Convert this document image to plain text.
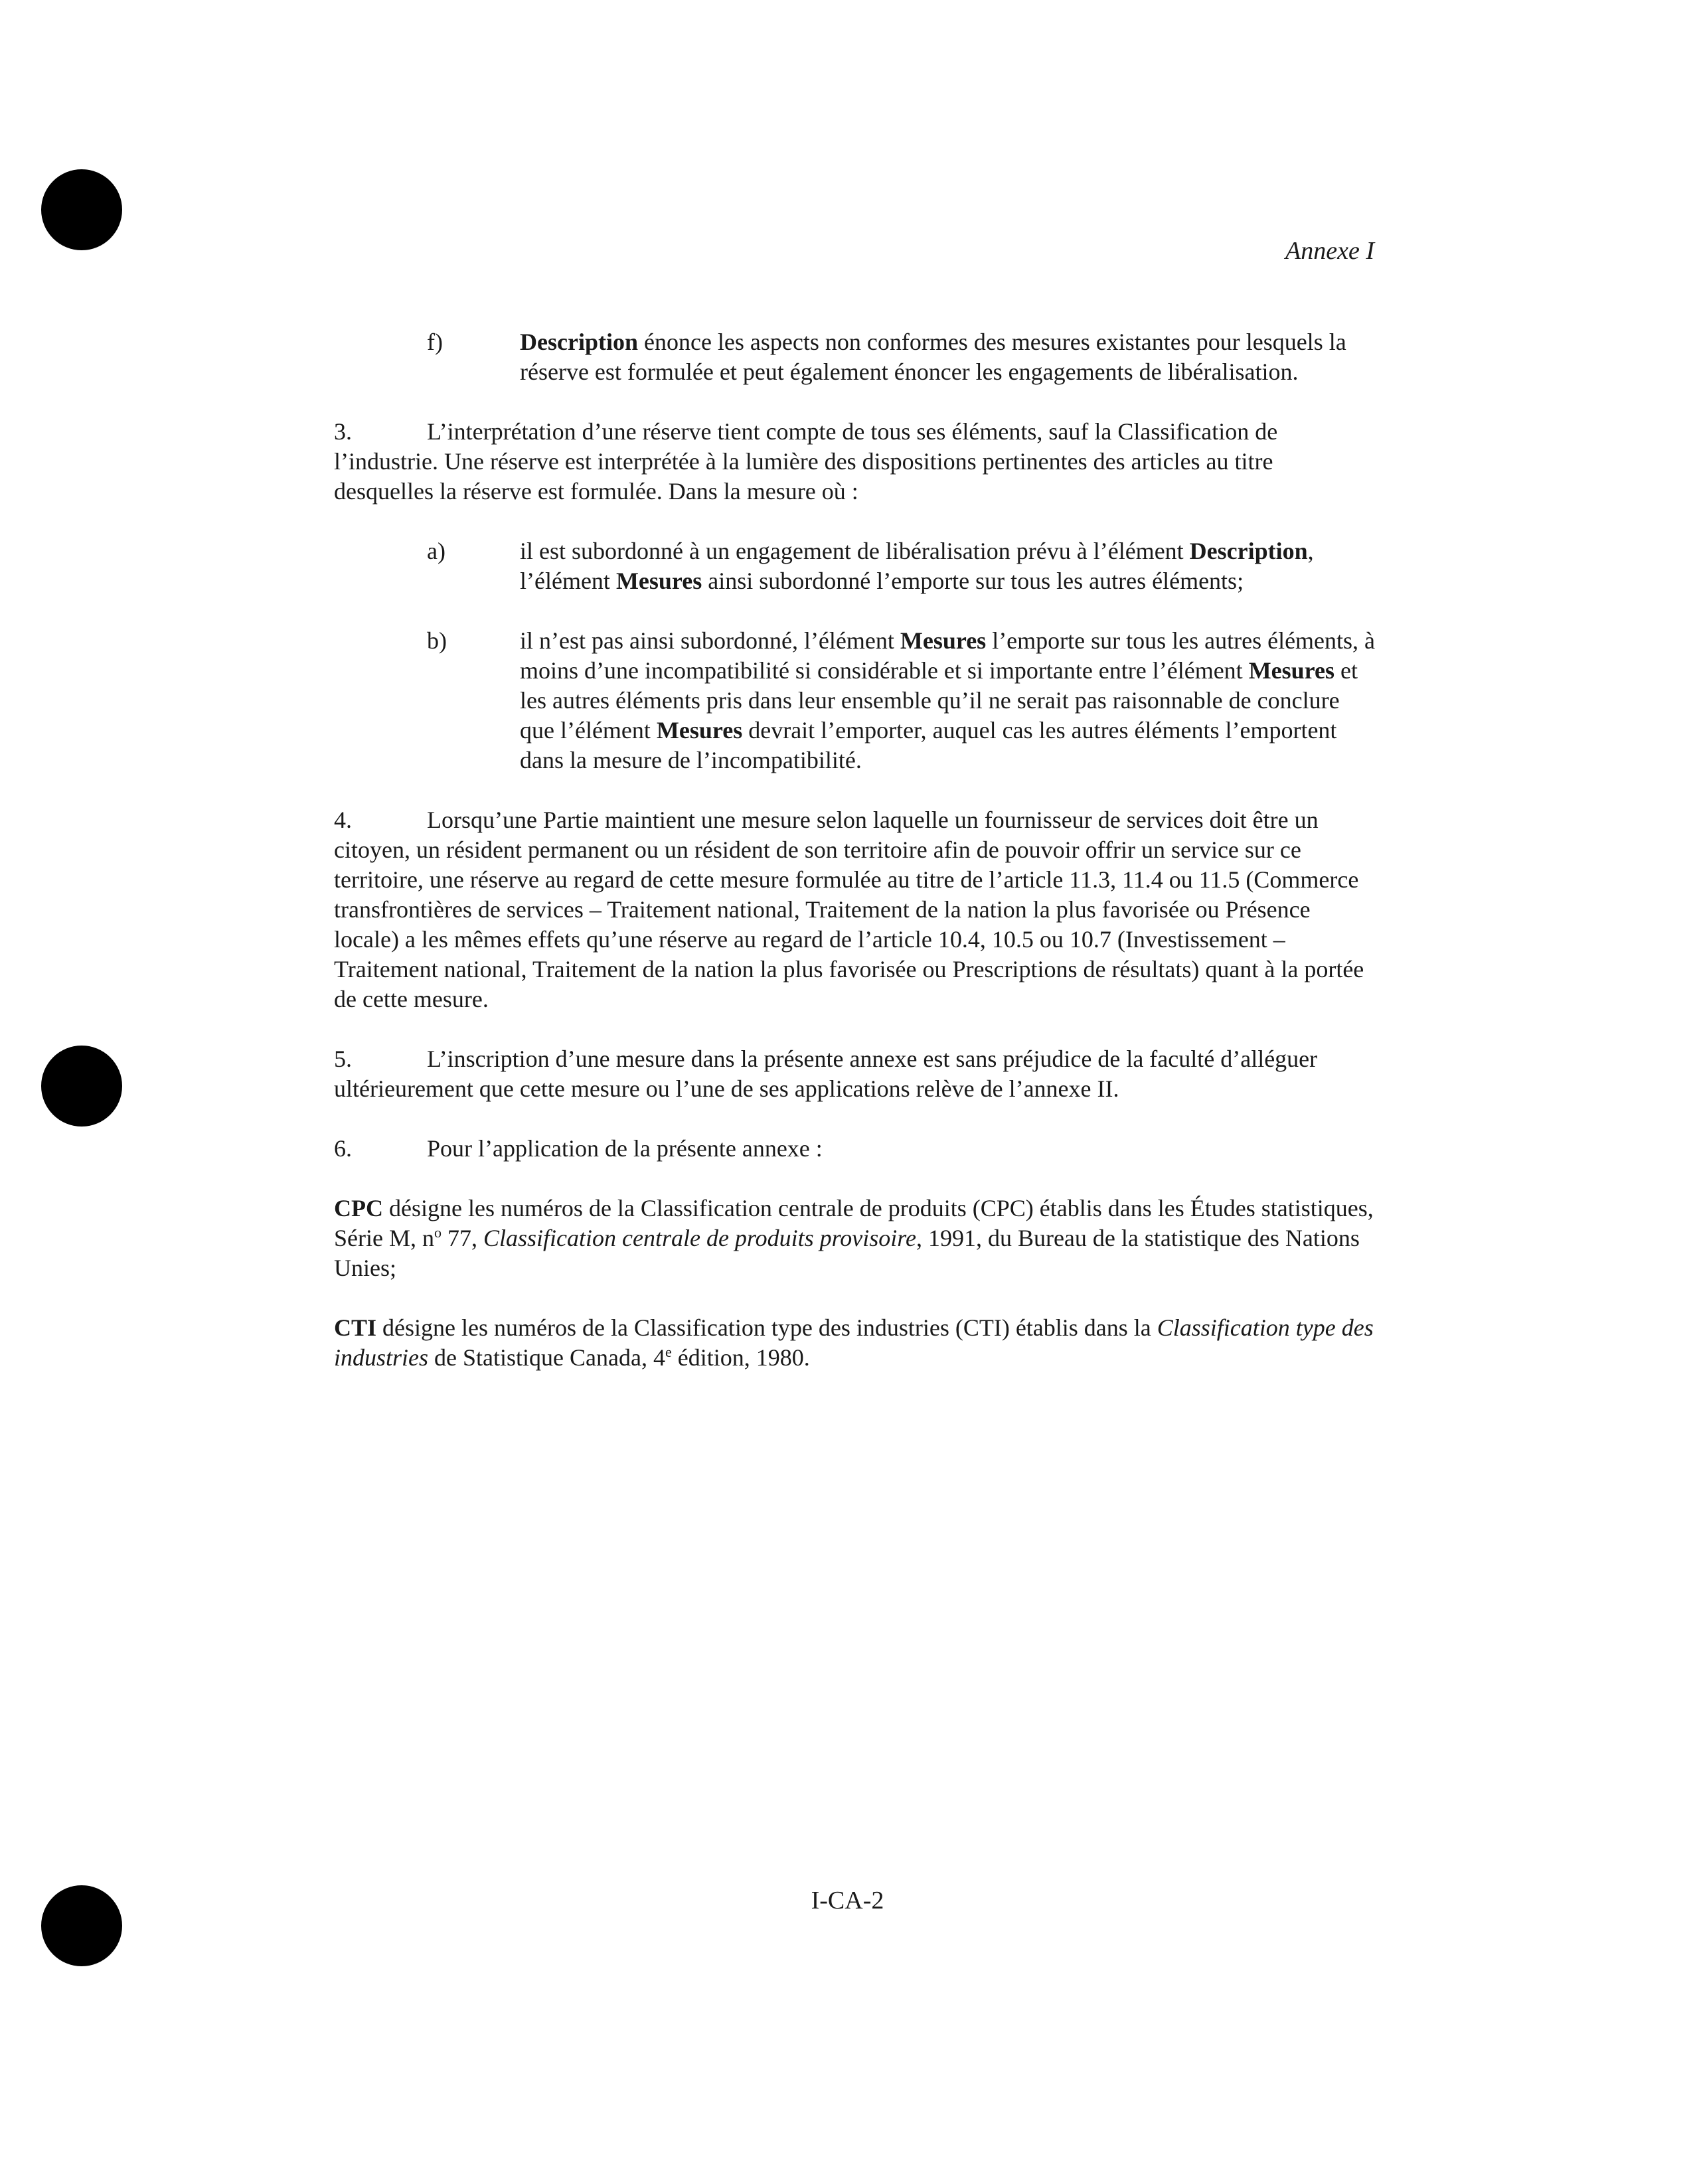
Annexe I
f)	Description énonce les aspects non conformes des mesures existantes pour lesquels la réserve est formulée et peut également énoncer les engagements de libéralisation.
3.	L’interprétation d’une réserve tient compte de tous ses éléments, sauf la Classification de l’industrie. Une réserve est interprétée à la lumière des dispositions pertinentes des articles au titre desquelles la réserve est formulée. Dans la mesure où :
a)	il est subordonné à un engagement de libéralisation prévu à l’élément Description, l’élément Mesures ainsi subordonné l’emporte sur tous les autres éléments;
b)	il n’est pas ainsi subordonné, l’élément Mesures l’emporte sur tous les autres éléments, à moins d’une incompatibilité si considérable et si importante entre l’élément Mesures et les autres éléments pris dans leur ensemble qu’il ne serait pas raisonnable de conclure que l’élément Mesures devrait l’emporter, auquel cas les autres éléments l’emportent dans la mesure de l’incompatibilité.
4.	Lorsqu’une Partie maintient une mesure selon laquelle un fournisseur de services doit être un citoyen, un résident permanent ou un résident de son territoire afin de pouvoir offrir un service sur ce territoire, une réserve au regard de cette mesure formulée au titre de l’article 11.3, 11.4 ou 11.5 (Commerce transfrontières de services – Traitement national, Traitement de la nation la plus favorisée ou Présence locale) a les mêmes effets qu’une réserve au regard de l’article 10.4, 10.5 ou 10.7 (Investissement – Traitement national, Traitement de la nation la plus favorisée ou Prescriptions de résultats) quant à la portée de cette mesure.
5.	L’inscription d’une mesure dans la présente annexe est sans préjudice de la faculté d’alléguer ultérieurement que cette mesure ou l’une de ses applications relève de l’annexe II.
6.	Pour l’application de la présente annexe :
CPC désigne les numéros de la Classification centrale de produits (CPC) établis dans les Études statistiques, Série M, $n^o$ 77, Classification centrale de produits provisoire, 1991, du Bureau de la statistique des Nations Unies;
CTI désigne les numéros de la Classification type des industries (CTI) établis dans la Classification type des industries de Statistique Canada, 4e édition, 1980.
I-CA-2
